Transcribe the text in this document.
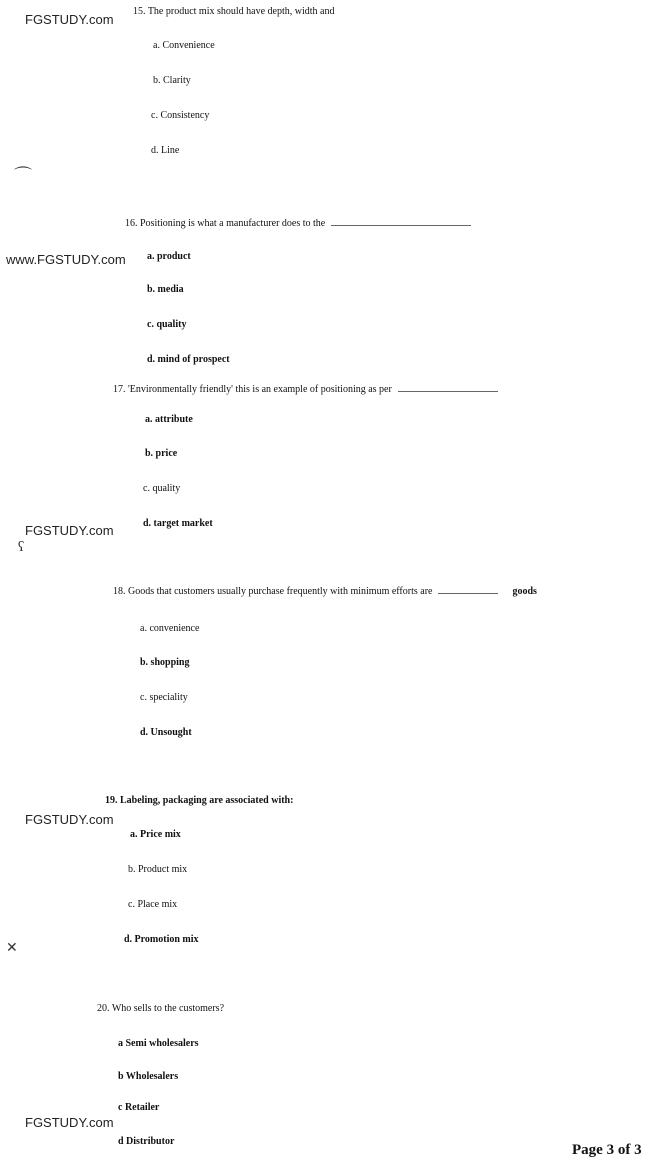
FGSTUDY.com
www.FGSTUDY.com
FGSTUDY.com
FGSTUDY.com
FGSTUDY.com
⌒
ʕ
✕
15. The product mix should have depth, width and
a. Convenience
b. Clarity
c. Consistency
d. Line
16. Positioning is what a manufacturer does to the
a. product
b. media
c. quality
d. mind of prospect
17. 'Environmentally friendly' this is an example of positioning as per
a. attribute
b. price
c. quality
d. target market
18. Goods that customers usually purchase frequently with minimum efforts are	goods
a. convenience
b. shopping
c. speciality
d. Unsought
19. Labeling, packaging are associated with:
a. Price mix
b. Product mix
c. Place mix
d. Promotion mix
20. Who sells to the customers?
a Semi wholesalers
b Wholesalers
c Retailer
d Distributor
Page 3 of 3
